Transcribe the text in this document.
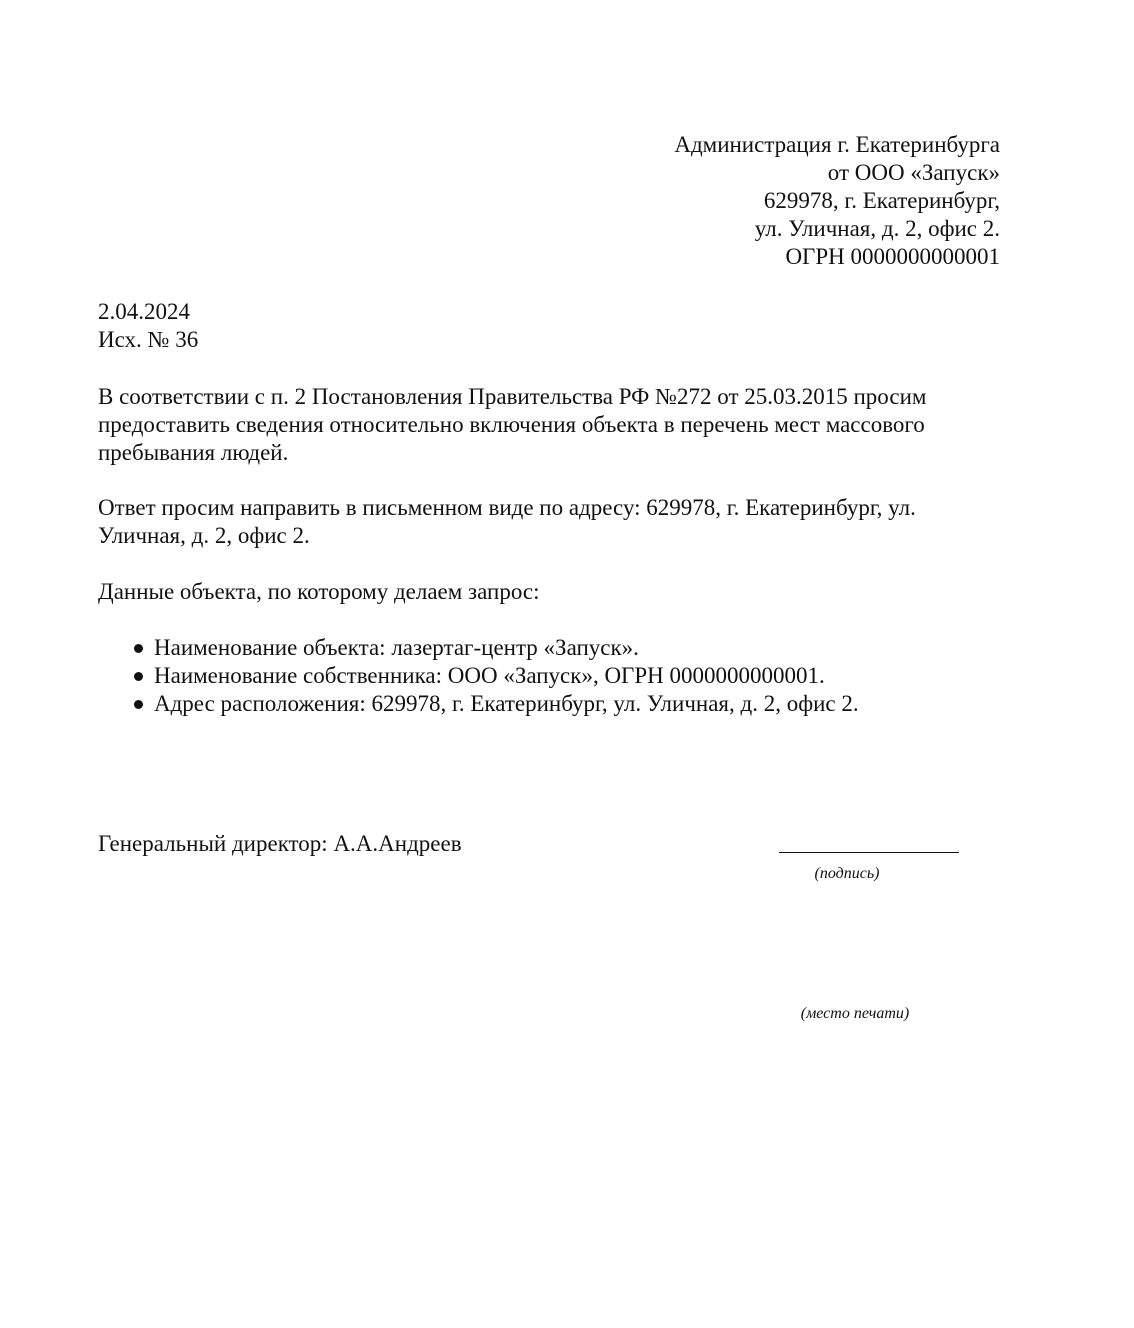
Администрация г. Екатеринбурга
от ООО «Запуск»
629978, г. Екатеринбург,
ул. Уличная, д. 2, офис 2.
ОГРН 0000000000001
2.04.2024
Исх. № 36
В соответствии с п. 2 Постановления Правительства РФ №272 от 25.03.2015 просим предоставить сведения относительно включения объекта в перечень мест массового пребывания людей.
Ответ просим направить в письменном виде по адресу: 629978, г. Екатеринбург, ул. Уличная, д. 2, офис 2.
Данные объекта, по которому делаем запрос:
Наименование объекта: лазертаг-центр «Запуск».
Наименование собственника: ООО «Запуск», ОГРН 0000000000001.
Адрес расположения: 629978, г. Екатеринбург, ул. Уличная, д. 2, офис 2.
Генеральный директор: А.А.Андреев
(подпись)
(место печати)
